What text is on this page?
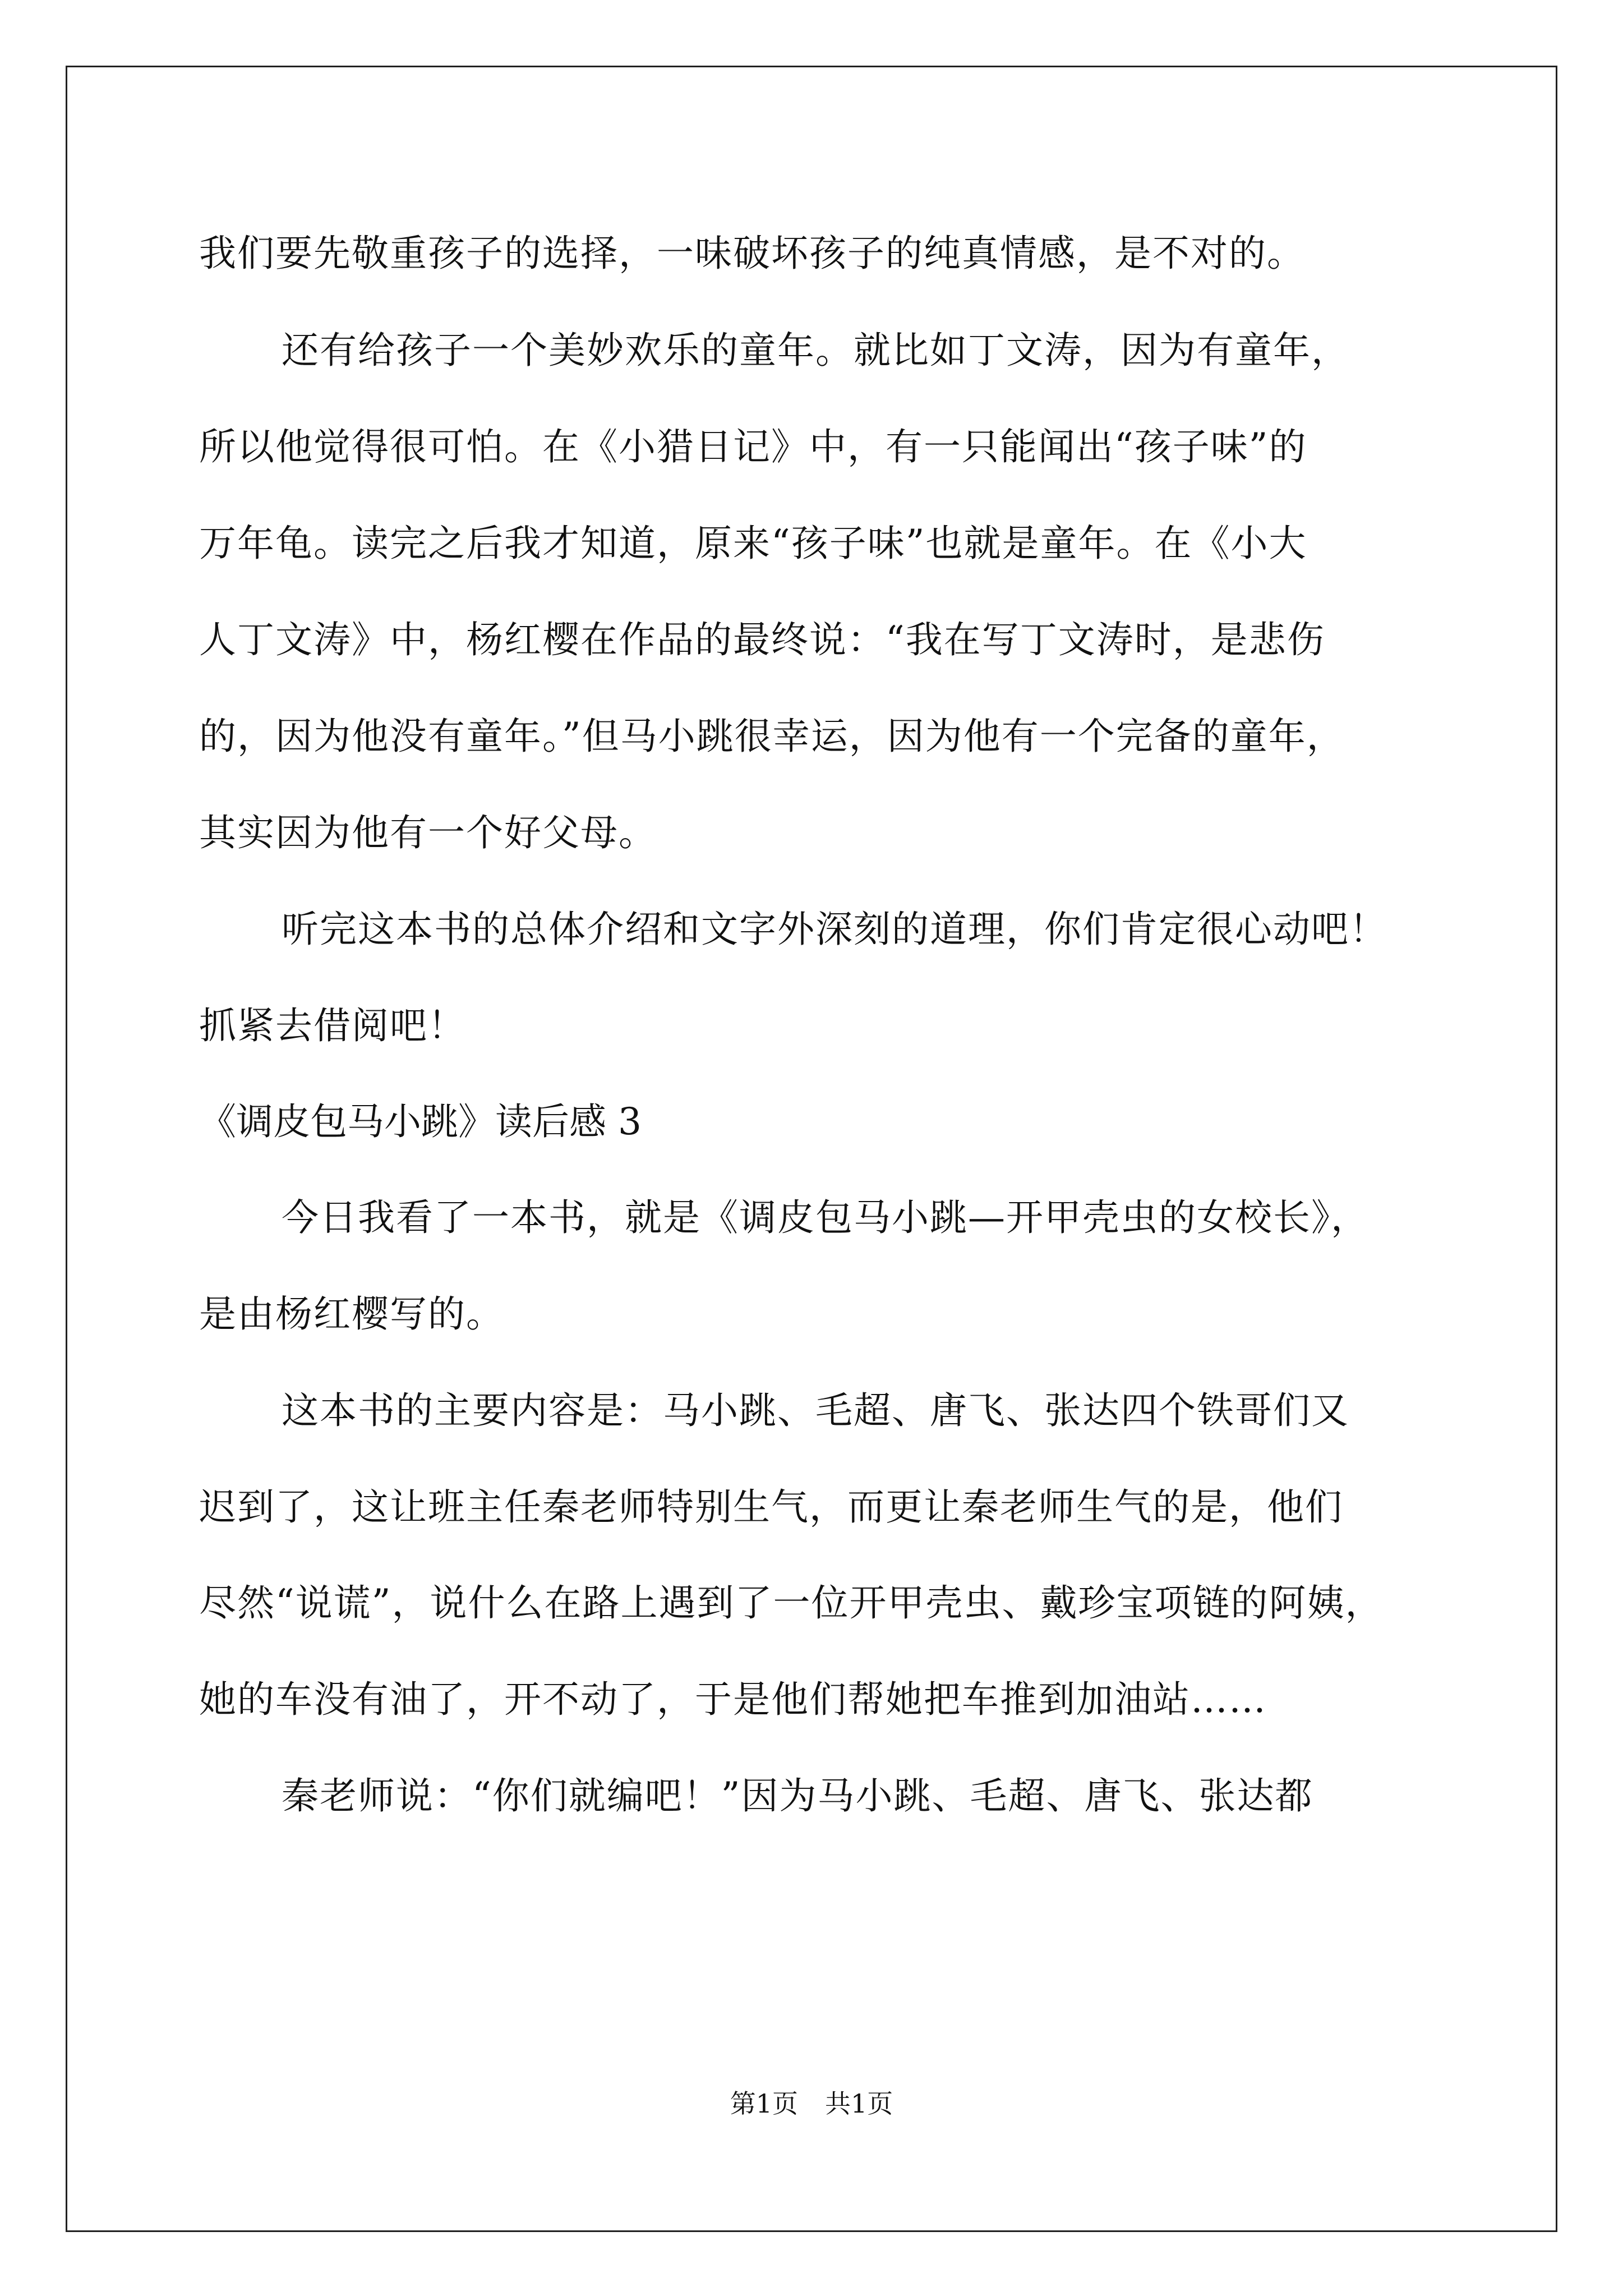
我们要先敬重孩子的选择，一味破坏孩子的纯真情感，是不对的。
还有给孩子一个美妙欢乐的童年。就比如丁文涛，因为有童年，
所以他觉得很可怕。在《小猎日记》中，有一只能闻出“孩子味”的
万年龟。读完之后我才知道，原来“孩子味”也就是童年。在《小大
人丁文涛》中，杨红樱在作品的最终说：“我在写丁文涛时，是悲伤
的，因为他没有童年。”但马小跳很幸运，因为他有一个完备的童年，
其实因为他有一个好父母。
听完这本书的总体介绍和文字外深刻的道理，你们肯定很心动吧！
抓紧去借阅吧！
《调皮包马小跳》读后感 3
今日我看了一本书，就是《调皮包马小跳—开甲壳虫的女校长》，
是由杨红樱写的。
这本书的主要内容是：马小跳、毛超、唐飞、张达四个铁哥们又
迟到了，这让班主任秦老师特别生气，而更让秦老师生气的是，他们
尽然“说谎”，说什么在路上遇到了一位开甲壳虫、戴珍宝项链的阿姨，
她的车没有油了，开不动了，于是他们帮她把车推到加油站……
秦老师说：“你们就编吧！”因为马小跳、毛超、唐飞、张达都
第1页 共1页
